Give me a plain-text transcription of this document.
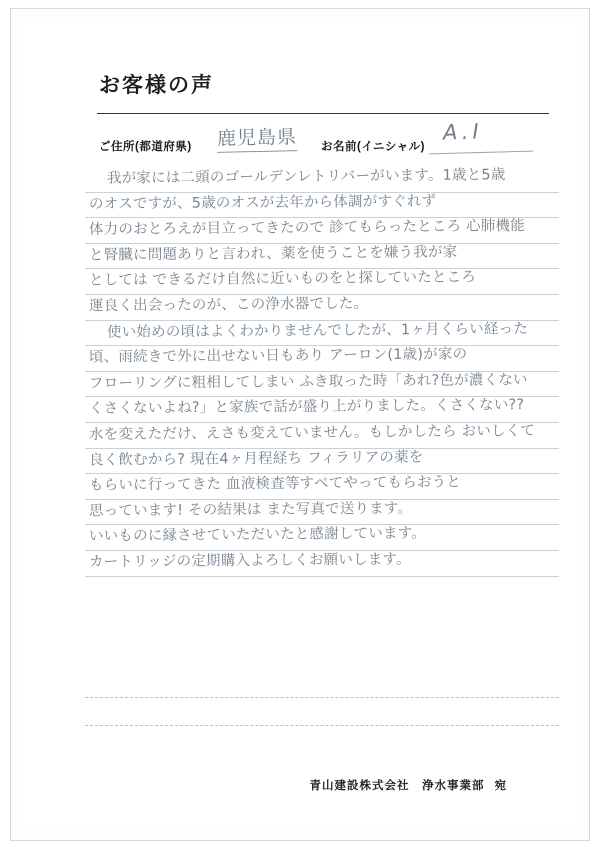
お客様の声
ご住所(都道府県) 鹿児島県 お名前(イニシャル)
A.I
我が家には二頭のゴールデンレトリバーがいます。1歳と5歳
のオスですが、5歳のオスが去年から体調がすぐれず
体力のおとろえが目立ってきたので 診てもらったところ 心肺機能
と腎臓に問題ありと言われ、薬を使うことを嫌う我が家
としては できるだけ自然に近いものをと探していたところ
運良く出会ったのが、この浄水器でした。
使い始めの頃はよくわかりませんでしたが、1ヶ月くらい経った
頃、雨続きで外に出せない日もあり アーロン(1歳)が家の
フローリングに粗相してしまい ふき取った時「あれ?色が濃くない
くさくないよね?」と家族で話が盛り上がりました。くさくない??
水を変えただけ、えさも変えていません。もしかしたら おいしくて
良く飲むから? 現在4ヶ月程経ち フィラリアの薬を
もらいに行ってきた 血液検査等すべてやってもらおうと
思っています! その結果は また写真で送ります。
いいものに縁させていただいたと感謝しています。
カートリッジの定期購入よろしくお願いします。
青山建設株式会社　浄水事業部 宛
